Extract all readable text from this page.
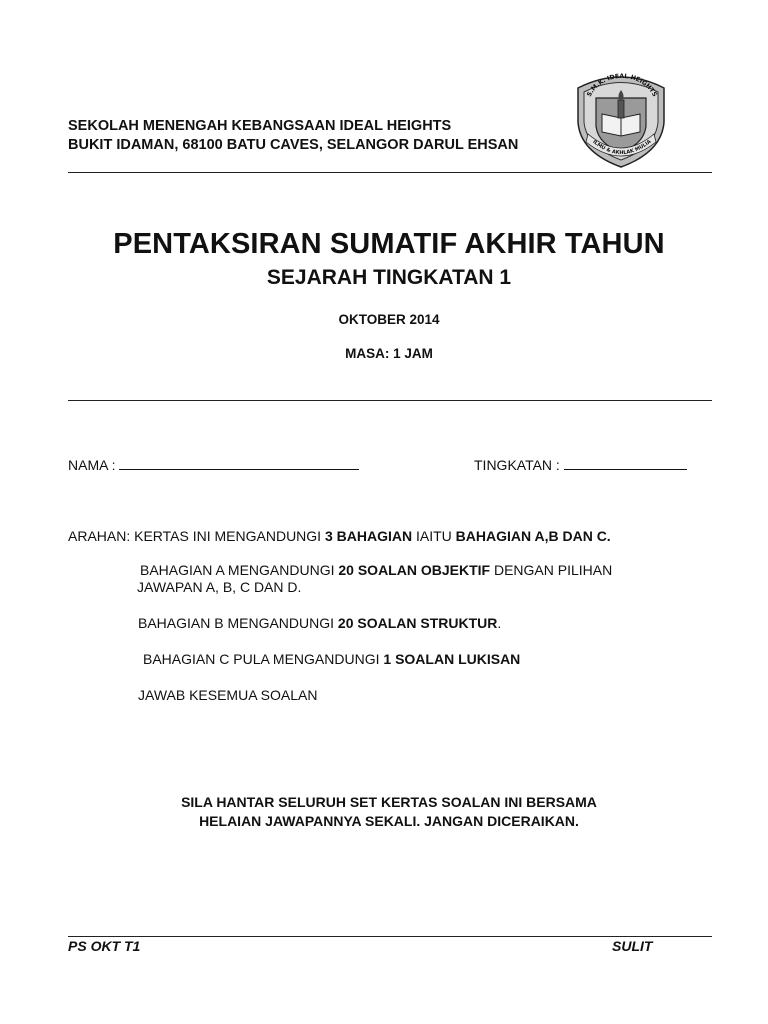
SEKOLAH MENENGAH KEBANGSAAN IDEAL HEIGHTS
BUKIT IDAMAN, 68100 BATU CAVES, SELANGOR DARUL EHSAN
S.M.K. IDEAL HEIGHTS
ILMU & AKHLAK MULIA
PENTAKSIRAN SUMATIF AKHIR TAHUN
SEJARAH TINGKATAN 1
OKTOBER 2014
MASA: 1 JAM
NAMA :	TINGKATAN :
ARAHAN: KERTAS INI MENGANDUNGI 3 BAHAGIAN IAITU BAHAGIAN A,B DAN C.
BAHAGIAN A MENGANDUNGI 20 SOALAN OBJEKTIF DENGAN PILIHAN
JAWAPAN A, B, C DAN D.
BAHAGIAN B MENGANDUNGI 20 SOALAN STRUKTUR.
BAHAGIAN C PULA MENGANDUNGI 1 SOALAN LUKISAN
JAWAB KESEMUA SOALAN
SILA HANTAR SELURUH SET KERTAS SOALAN INI BERSAMA
HELAIAN JAWAPANNYA SEKALI. JANGAN DICERAIKAN.
PS OKT T1	SULIT
